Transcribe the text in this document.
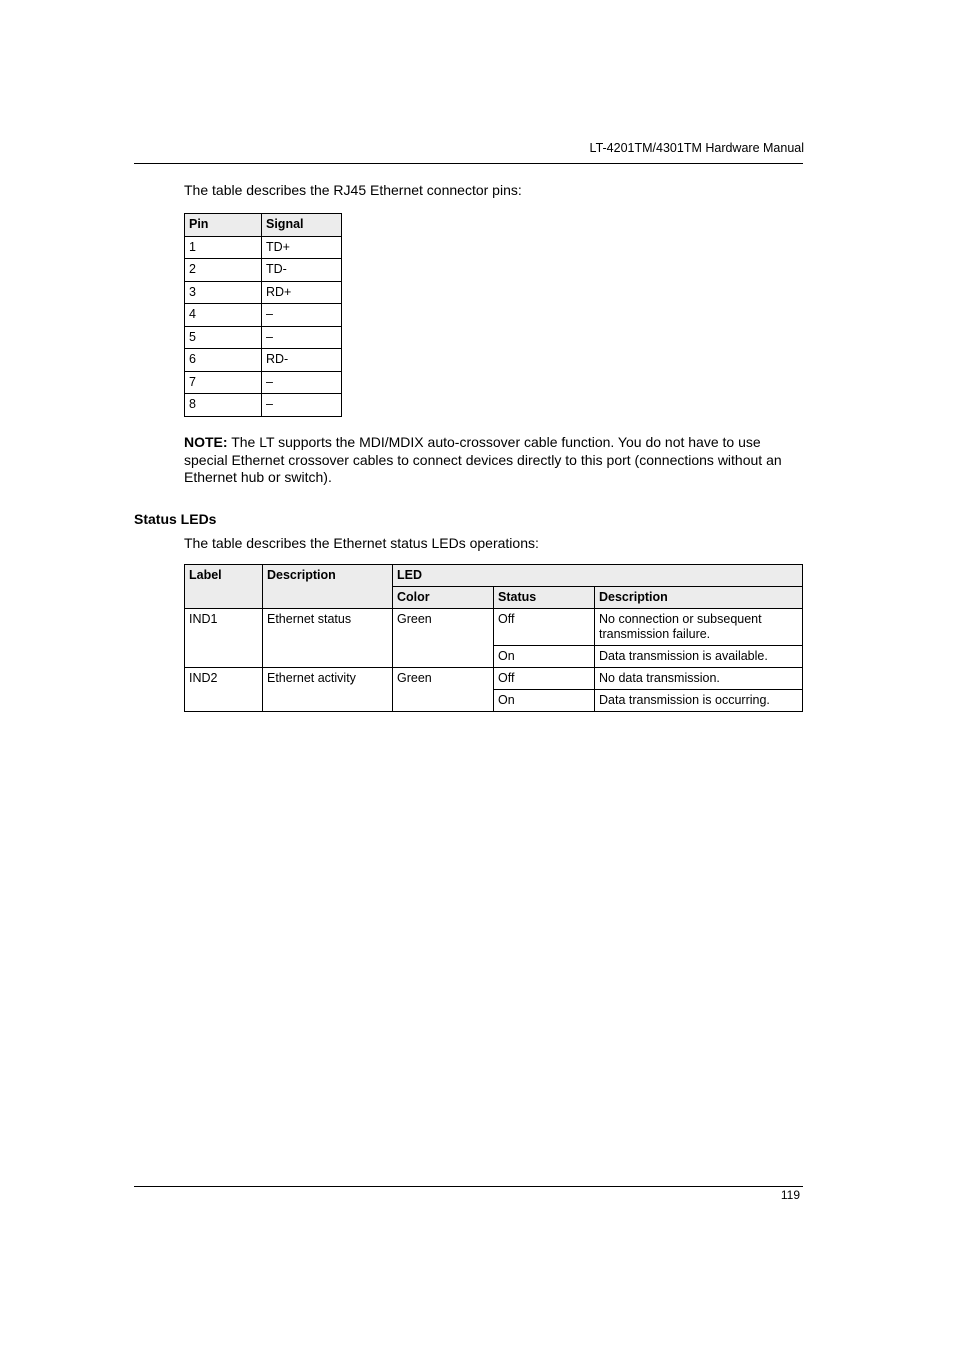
LT-4201TM/4301TM Hardware Manual
The table describes the RJ45 Ethernet connector pins:
Pin	Signal
1	TD+
2	TD-
3	RD+
4	–
5	–
6	RD-
7	–
8	–
NOTE: The LT supports the MDI/MDIX auto-crossover cable function. You do not have to use special Ethernet crossover cables to connect devices directly to this port (connections without an Ethernet hub or switch).
Status LEDs
The table describes the Ethernet status LEDs operations:
Label	Description	LED		
		Color	Status	Description
IND1	Ethernet status	Green	Off	No connection or subsequent transmission failure.
			On	Data transmission is available.
IND2	Ethernet activity	Green	Off	No data transmission.
			On	Data transmission is occurring.
119
